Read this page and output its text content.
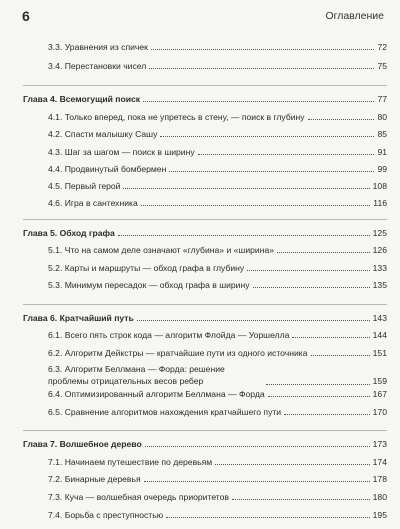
6	Оглавление
3.3. Уравнения из спичек	72
3.4. Перестановки чисел	75
Глава 4. Всемогущий поиск	77
4.1. Только вперед, пока не упретесь в стену, — поиск в глубину	80
4.2. Спасти малышку Сашу	85
4.3. Шаг за шагом — поиск в ширину	91
4.4. Продвинутый бомбермен	99
4.5. Первый герой	108
4.6. Игра в сантехника	116
Глава 5. Обход графа	125
5.1. Что на самом деле означают «глубина» и «ширина»	126
5.2. Карты и маршруты — обход графа в глубину	133
5.3. Минимум пересадок — обход графа в ширину	135
Глава 6. Кратчайший путь	143
6.1. Всего пять строк кода — алгоритм Флойда — Уоршелла	144
6.2. Алгоритм Дейкстры — кратчайшие пути из одного источника	151
6.3. Алгоритм Беллмана — Форда: решение проблемы отрицательных весов ребер	159
6.4. Оптимизированный алгоритм Беллмана — Форда	167
6.5. Сравнение алгоритмов нахождения кратчайшего пути	170
Глава 7. Волшебное дерево	173
7.1. Начинаем путешествие по деревьям	174
7.2. Бинарные деревья	178
7.3. Куча — волшебная очередь приоритетов	180
7.4. Борьба с преступностью	195
